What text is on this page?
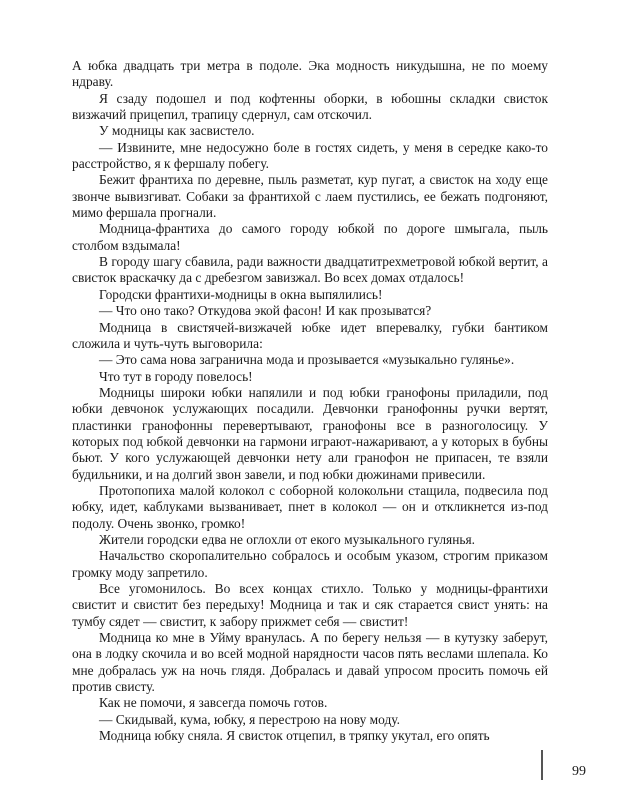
А юбка двадцать три метра в подоле. Эка модность никудышна, не по моему ндраву.

Я сзаду подошел и под кофтенны оборки, в юбошны складки свисток визжачий прицепил, трапицу сдернул, сам отскочил.

У модницы как засвистело.

— Извините, мне недосужно боле в гостях сидеть, у меня в середке како-то расстройство, я к фершалу побегу.

Бежит франтиха по деревне, пыль разметат, кур пугат, а свисток на ходу еще звонче вывизгиват. Собаки за франтихой с лаем пустились, ее бежать подгоняют, мимо фершала прогнали.

Модница-франтиха до самого городу юбкой по дороге шмыгала, пыль столбом вздымала!

В городу шагу сбавила, ради важности двадцатитрехметровой юбкой вертит, а свисток враскачку да с дребезгом завизжал. Во всех домах отдалось!

Городски франтихи-модницы в окна выпялились!

— Что оно тако? Откудова экой фасон! И как прозыватся?

Модница в свистячей-визжачей юбке идет вперевалку, губки бантиком сложила и чуть-чуть выговорила:

— Это сама нова заграничнa мода и прозывается «музыкально гулянье».

Что тут в городу повелось!

Модницы широки юбки напялили и под юбки гранофоны приладили, под юбки девчонок услужающих посадили. Девчонки гранофонны ручки вертят, пластинки гранофонны перевертывают, гранофоны все в разноголосицу. У которых под юбкой девчонки на гармони играют-нажаривают, а у которых в бубны бьют. У кого услужающей девчонки нету али гранофон не припасен, те взяли будильники, и на долгий звон завели, и под юбки дюжинами привесили.

Протопопиха малой колокол с соборной колокольни стащила, подвесила под юбку, идет, каблуками вызванивает, пнет в колокол — он и откликнется из-под подолу. Очень звонко, громко!

Жители городски едва не оглохли от екого музыкального гулянья.

Начальство скоропалительно собралось и особым указом, строгим приказом громку моду запретило.

Все угомонилось. Во всех концах стихло. Только у модницы-франтихи свистит и свистит без передыху! Модница и так и сяк старается свист унять: на тумбу сядет — свистит, к забору прижмет себя — свистит!

Модница ко мне в Уйму вранулась. А по берегу нельзя — в кутузку заберут, она в лодку скочила и во всей модной нарядности часов пять веслами шлепала. Ко мне добралась уж на ночь глядя. Добралась и давай упросом просить помочь ей против свисту.

Как не помочи, я завсегда помочь готов.

— Скидывай, кума, юбку, я перестрою на нову моду.

Модница юбку сняла. Я свисток отцепил, в тряпку укутал, его опять

99
